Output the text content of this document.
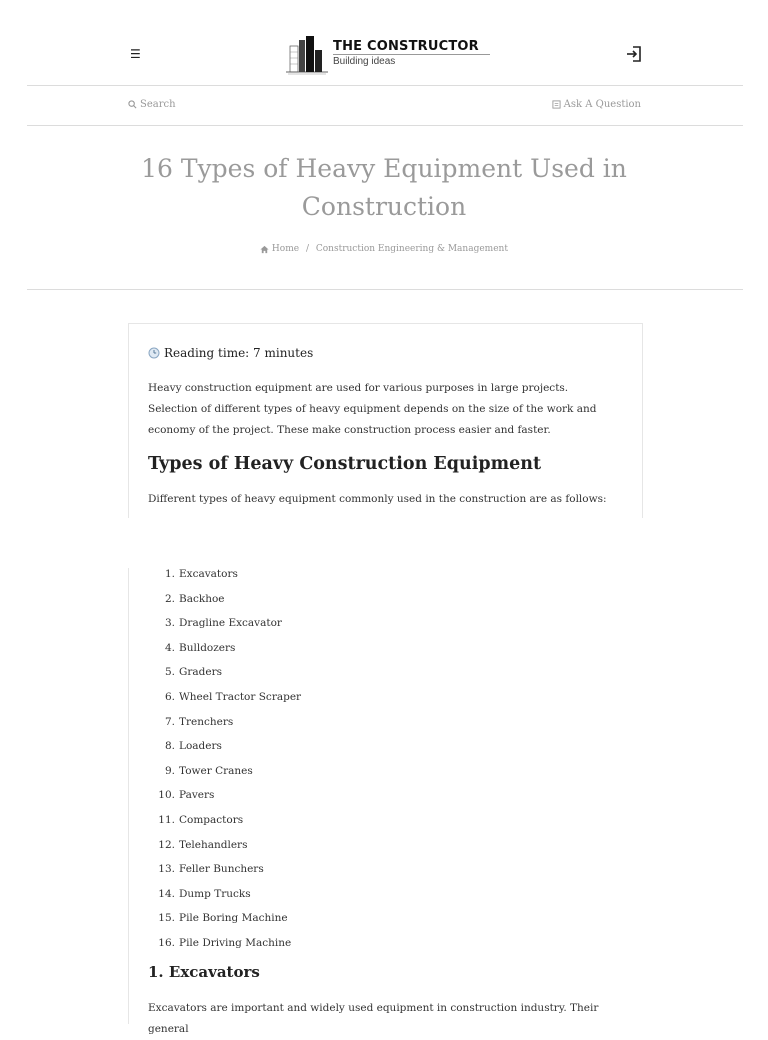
☰	THE CONSTRUCTOR
Building ideas
Search	Ask A Question
16 Types of Heavy Equipment Used in Construction
Home / Construction Engineering & Management
Reading time: 7 minutes

Heavy construction equipment are used for various purposes in large projects. Selection of different types of heavy equipment depends on the size of the work and economy of the project. These make construction process easier and faster.

Types of Heavy Construction Equipment

Different types of heavy equipment commonly used in the construction are as follows:

1. Excavators
2. Backhoe
3. Dragline Excavator
4. Bulldozers
5. Graders
6. Wheel Tractor Scraper
7. Trenchers
8. Loaders
9. Tower Cranes
10. Pavers
11. Compactors
12. Telehandlers
13. Feller Bunchers
14. Dump Trucks
15. Pile Boring Machine
16. Pile Driving Machine
1. Excavators

Excavators are important and widely used equipment in construction industry. Their general
